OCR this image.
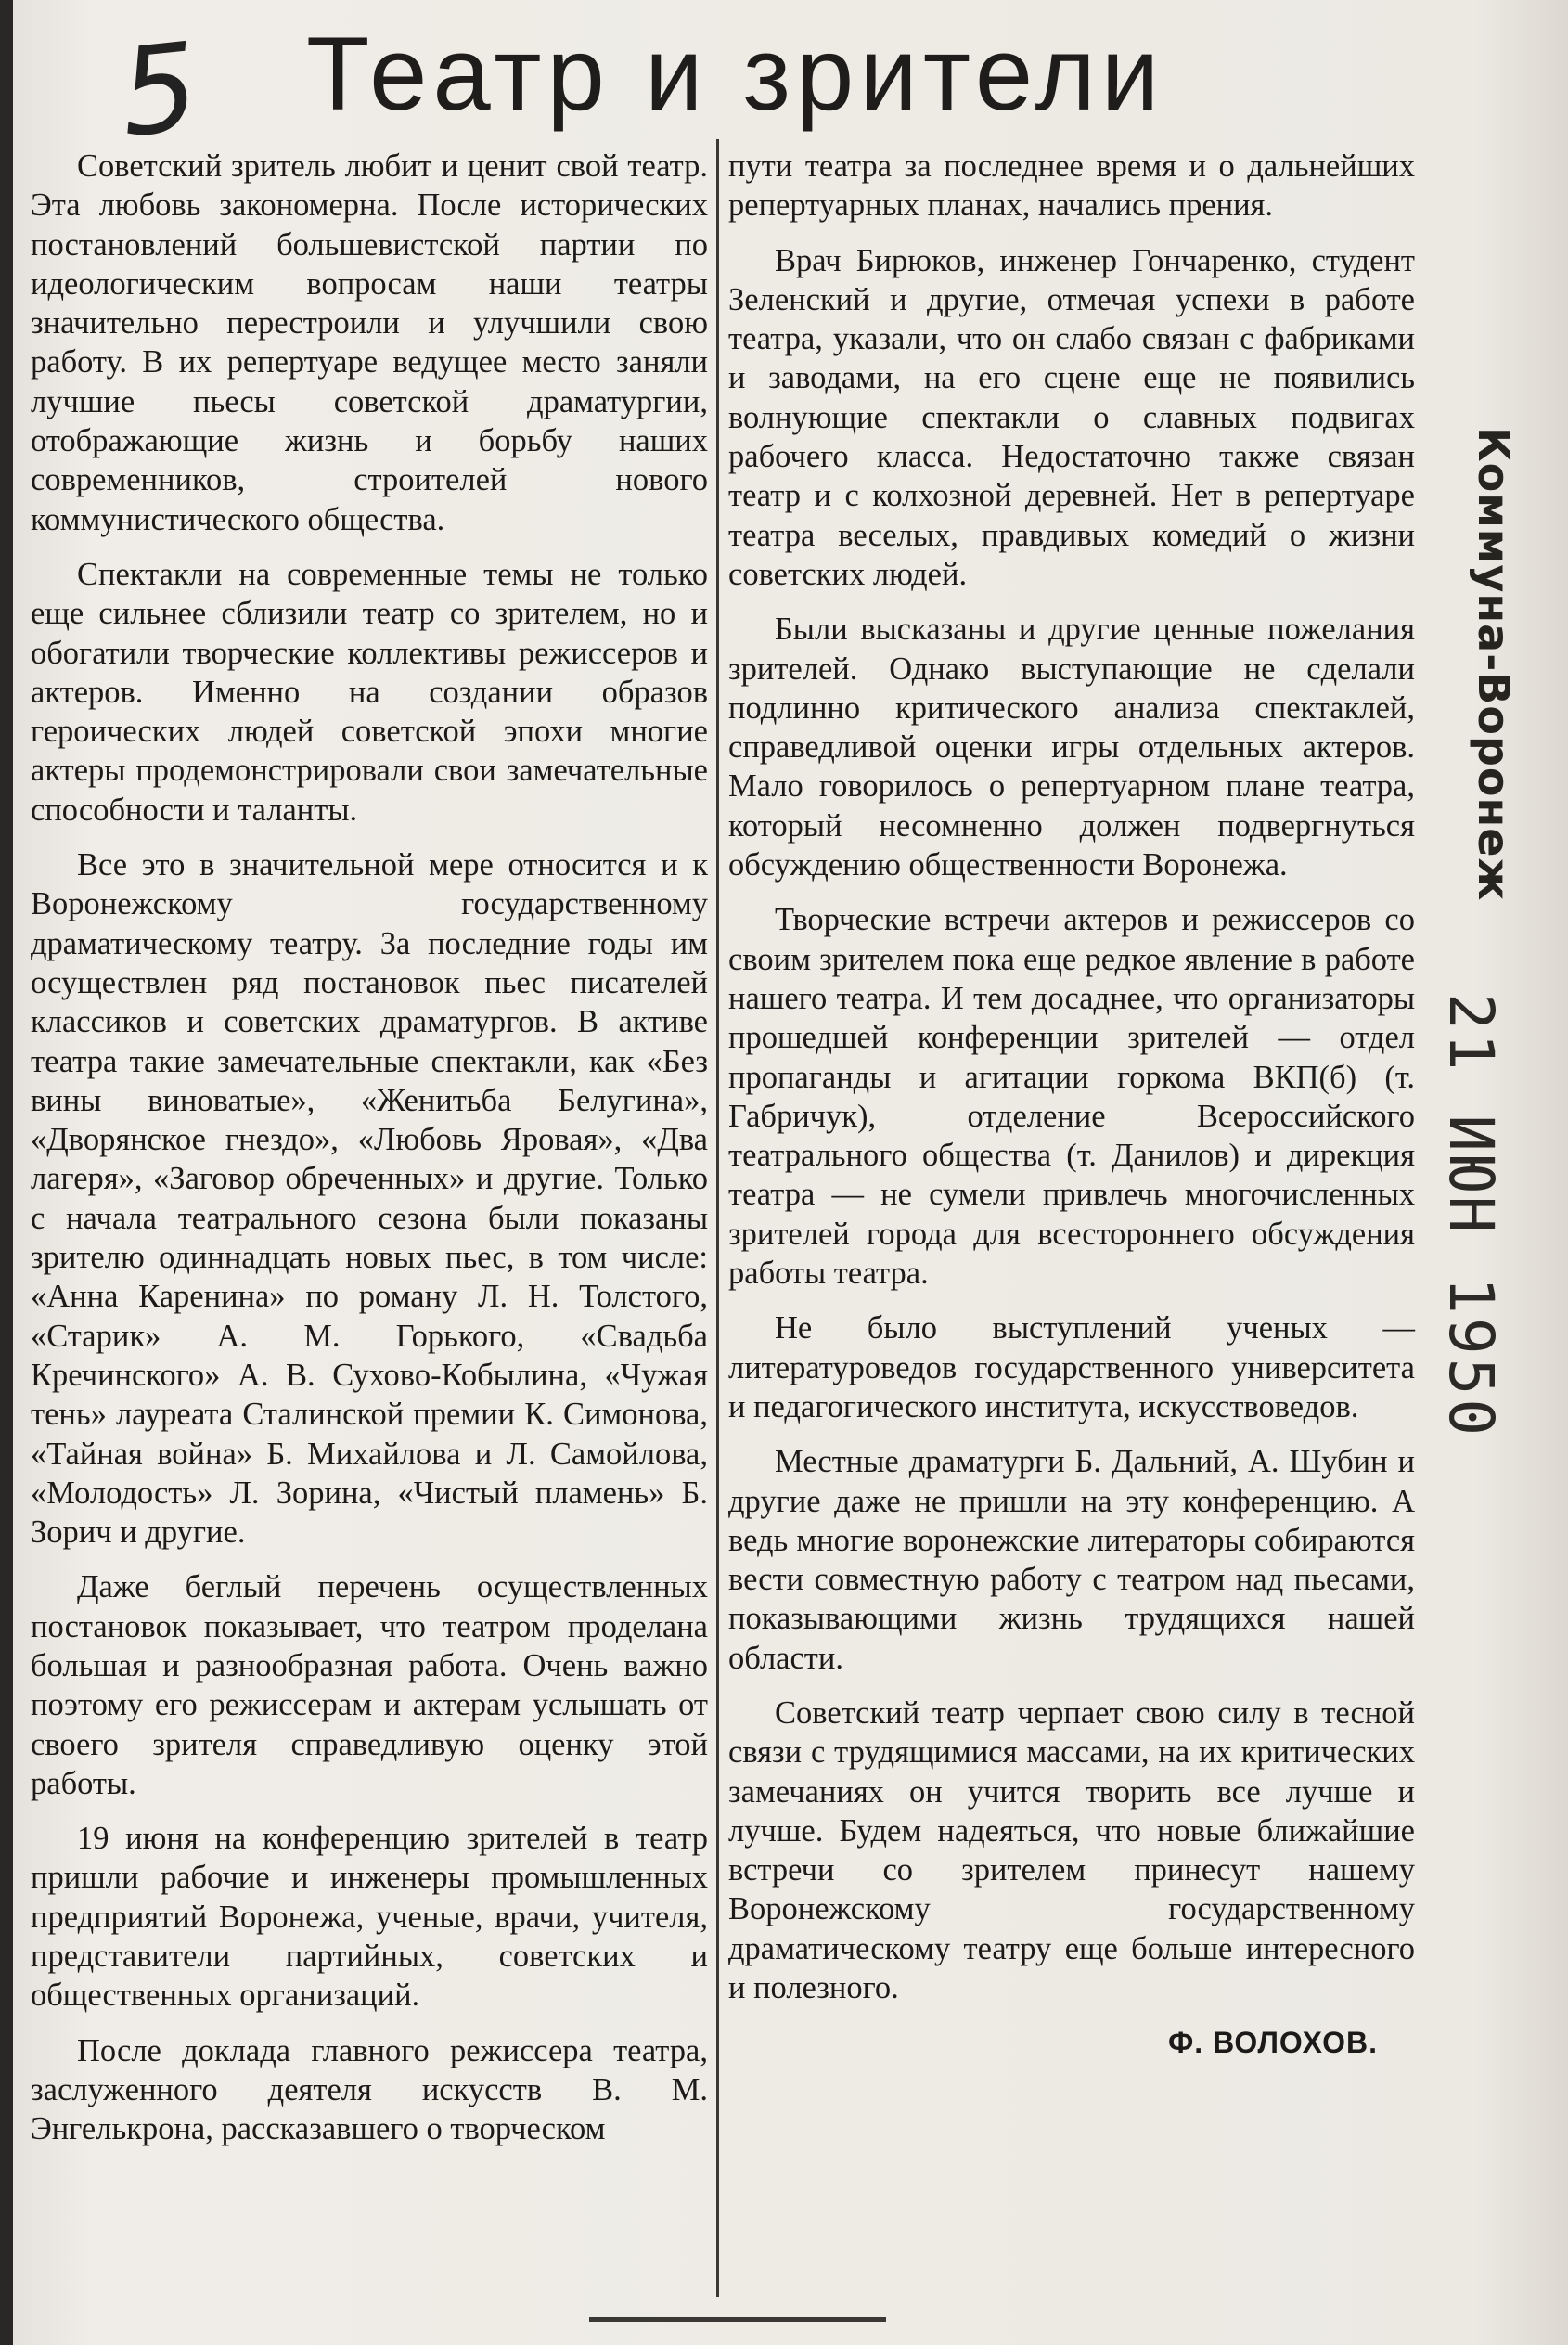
5 Театр и зрители

Советский зритель любит и ценит свой театр. Эта любовь закономерна. После исторических постановлений большевистской партии по идеологическим вопросам наши театры значительно перестроили и улучшили свою работу. В их репертуаре ведущее место заняли лучшие пьесы советской драматургии, отображающие жизнь и борьбу наших современников, строителей нового коммунистического общества.

Спектакли на современные темы не только еще сильнее сблизили театр со зрителем, но и обогатили творческие коллективы режиссеров и актеров. Именно на создании образов героических людей советской эпохи многие актеры продемонстрировали свои замечательные способности и таланты.

Все это в значительной мере относится и к Воронежскому государственному драматическому театру. За последние годы им осуществлен ряд постановок пьес писателей классиков и советских драматургов. В активе театра такие замечательные спектакли, как «Без вины виноватые», «Женитьба Белугина», «Дворянское гнездо», «Любовь Яровая», «Два лагеря», «Заговор обреченных» и другие. Только с начала театрального сезона были показаны зрителю одиннадцать новых пьес, в том числе: «Анна Каренина» по роману Л. Н. Толстого, «Старик» А. М. Горького, «Свадьба Кречинского» А. В. Сухово-Кобылина, «Чужая тень» лауреата Сталинской премии К. Симонова, «Тайная война» Б. Михайлова и Л. Самойлова, «Молодость» Л. Зорина, «Чистый пламень» Б. Зорич и другие.

Даже беглый перечень осуществленных постановок показывает, что театром проделана большая и разнообразная работа. Очень важно поэтому его режиссерам и актерам услышать от своего зрителя справедливую оценку этой работы.

19 июня на конференцию зрителей в театр пришли рабочие и инженеры промышленных предприятий Воронежа, ученые, врачи, учителя, представители партийных, советских и общественных организаций.

После доклада главного режиссера театра, заслуженного деятеля искусств В. М. Энгелькрона, рассказавшего о творческом

пути театра за последнее время и о дальнейших репертуарных планах, начались прения.

Врач Бирюков, инженер Гончаренко, студент Зеленский и другие, отмечая успехи в работе театра, указали, что он слабо связан с фабриками и заводами, на его сцене еще не появились волнующие спектакли о славных подвигах рабочего класса. Недостаточно также связан театр и с колхозной деревней. Нет в репертуаре театра веселых, правдивых комедий о жизни советских людей.

Были высказаны и другие ценные пожелания зрителей. Однако выступающие не сделали подлинно критического анализа спектаклей, справедливой оценки игры отдельных актеров. Мало говорилось о репертуарном плане театра, который несомненно должен подвергнуться обсуждению общественности Воронежа.

Творческие встречи актеров и режиссеров со своим зрителем пока еще редкое явление в работе нашего театра. И тем досаднее, что организаторы прошедшей конференции зрителей — отдел пропаганды и агитации горкома ВКП(б) (т. Габричук), отделение Всероссийского театрального общества (т. Данилов) и дирекция театра — не сумели привлечь многочисленных зрителей города для всестороннего обсуждения работы театра.

Не было выступлений ученых — литературоведов государственного университета и педагогического института, искусствоведов.

Местные драматурги Б. Дальний, А. Шубин и другие даже не пришли на эту конференцию. А ведь многие воронежские литераторы собираются вести совместную работу с театром над пьесами, показывающими жизнь трудящихся нашей области.

Советский театр черпает свою силу в тесной связи с трудящимися массами, на их критических замечаниях он учится творить все лучше и лучше. Будем надеяться, что новые ближайшие встречи со зрителем принесут нашему Воронежскому государственному драматическому театру еще больше интересного и полезного.

Ф. ВОЛОХОВ.
Коммуна-Воронеж
21 ИЮН 1950
